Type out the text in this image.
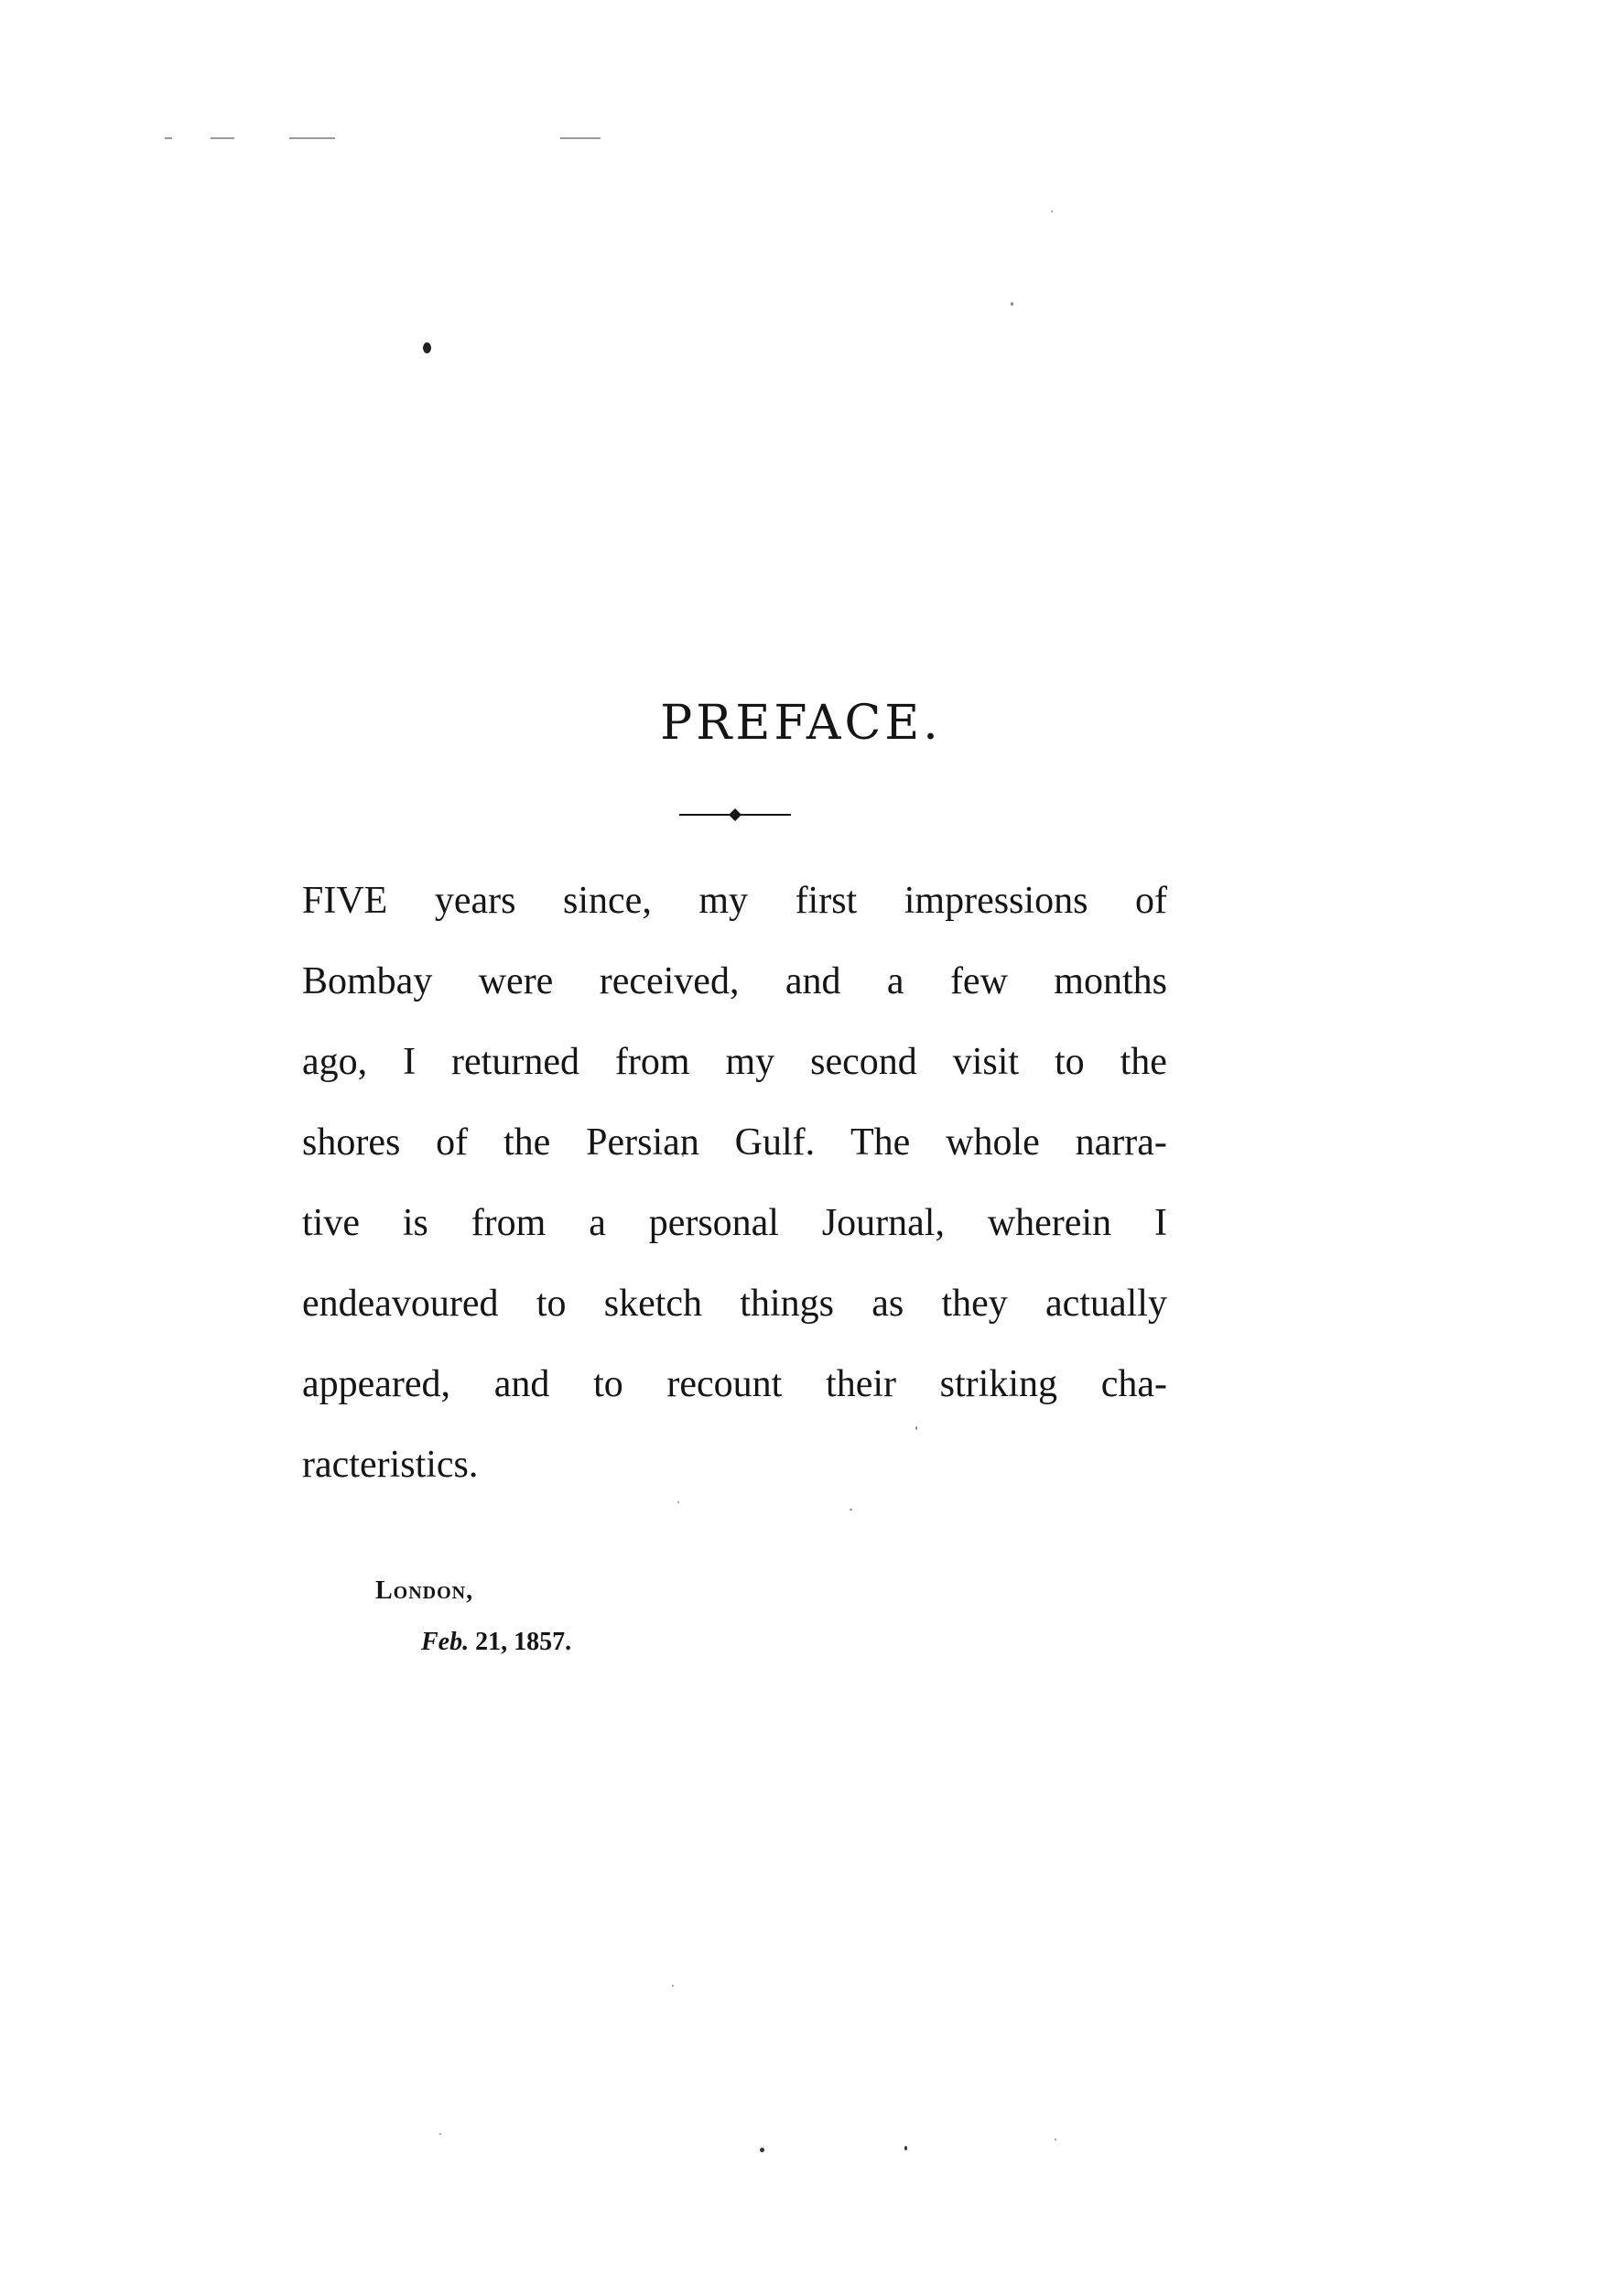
PREFACE.
FIVE years since, my first impressions of
Bombay were received, and a few months
ago, I returned from my second visit to the
shores of the Persian Gulf. The whole narra-
tive is from a personal Journal, wherein I
endeavoured to sketch things as they actually
appeared, and to recount their striking cha-
racteristics.

London,

Feb. 21, 1857.
